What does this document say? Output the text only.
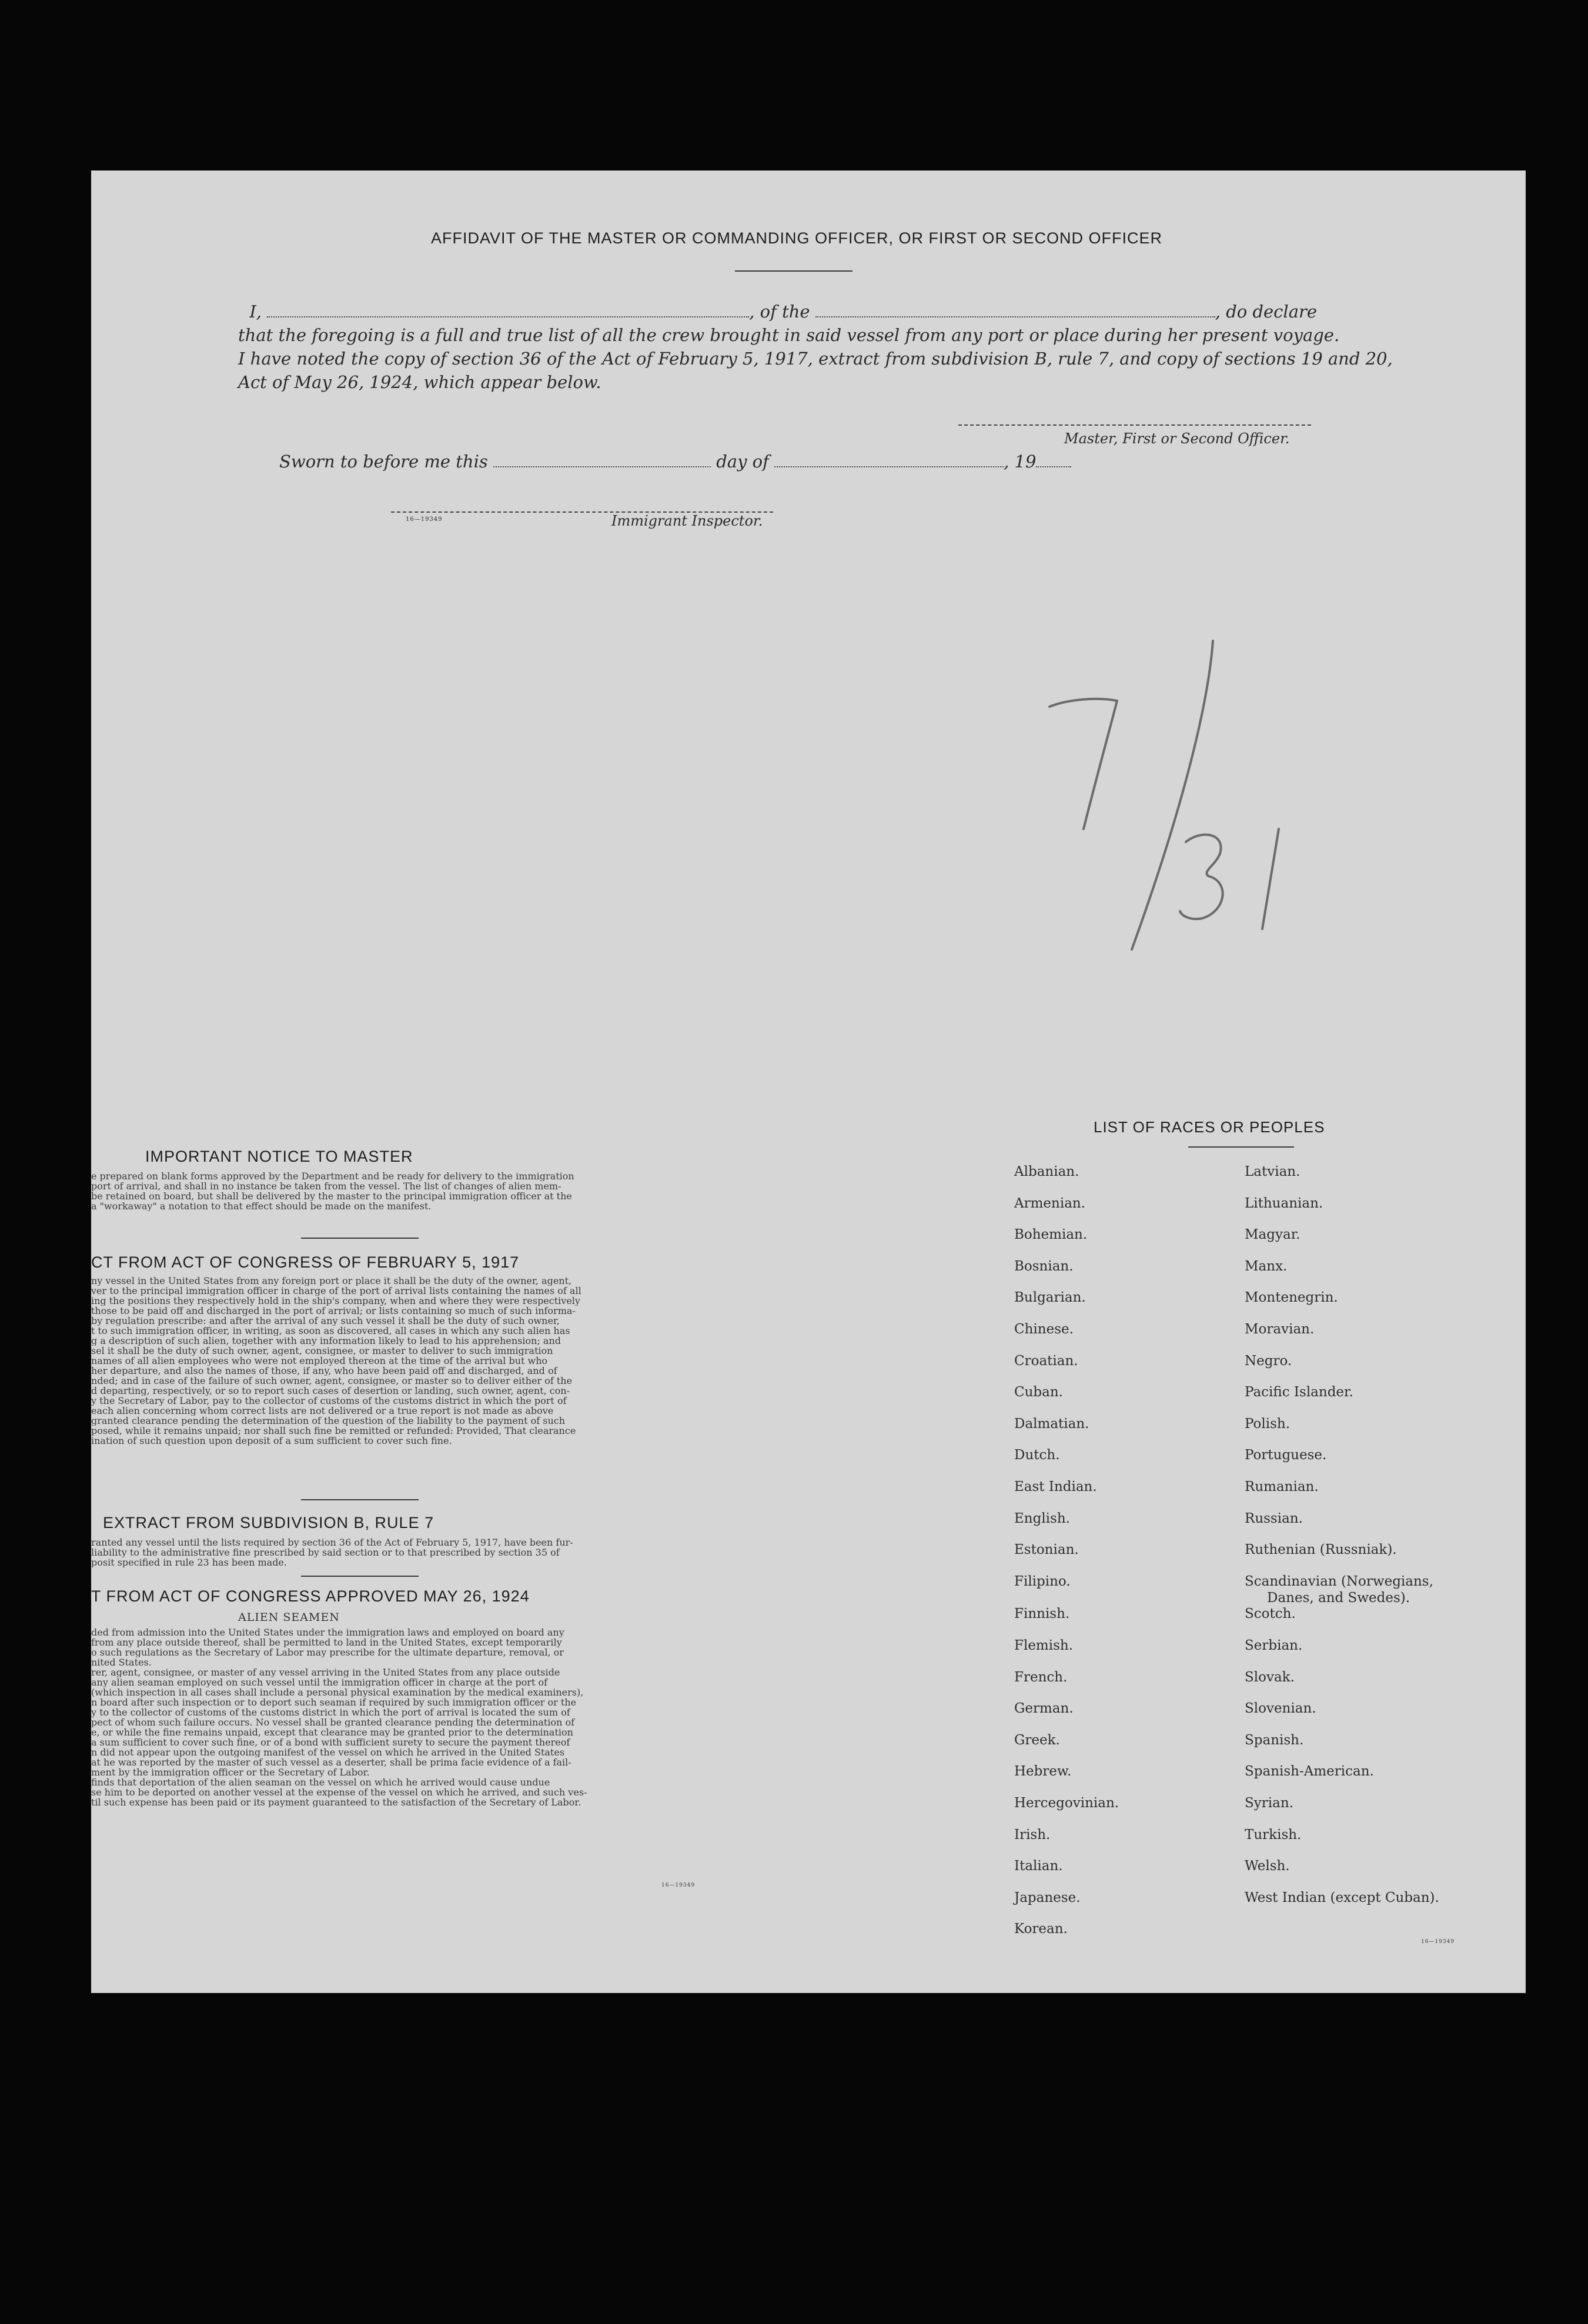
AFFIDAVIT OF THE MASTER OR COMMANDING OFFICER, OR FIRST OR SECOND OFFICER
I,	, of the	, do declare
that the foregoing is a full and true list of all the crew brought in said vessel from any port or place during her present voyage.
I have noted the copy of section 36 of the Act of February 5, 1917, extract from subdivision B, rule 7, and copy of sections 19 and 20,
Act of May 26, 1924, which appear below.
Master, First or Second Officer.
Sworn to before me this	day of	, 19
16—19349	Immigrant Inspector.
IMPORTANT NOTICE TO MASTER
e prepared on blank forms approved by the Department and be ready for delivery to the immigration
port of arrival, and shall in no instance be taken from the vessel. The list of changes of alien mem-
be retained on board, but shall be delivered by the master to the principal immigration officer at the
a "workaway" a notation to that effect should be made on the manifest.
CT FROM ACT OF CONGRESS OF FEBRUARY 5, 1917
ny vessel in the United States from any foreign port or place it shall be the duty of the owner, agent,
ver to the principal immigration officer in charge of the port of arrival lists containing the names of all
ing the positions they respectively hold in the ship's company, when and where they were respectively
those to be paid off and discharged in the port of arrival; or lists containing so much of such informa-
by regulation prescribe: and after the arrival of any such vessel it shall be the duty of such owner,
t to such immigration officer, in writing, as soon as discovered, all cases in which any such alien has
g a description of such alien, together with any information likely to lead to his apprehension; and
sel it shall be the duty of such owner, agent, consignee, or master to deliver to such immigration
names of all alien employees who were not employed thereon at the time of the arrival but who
her departure, and also the names of those, if any, who have been paid off and discharged, and of
nded; and in case of the failure of such owner, agent, consignee, or master so to deliver either of the
d departing, respectively, or so to report such cases of desertion or landing, such owner, agent, con-
y the Secretary of Labor, pay to the collector of customs of the customs district in which the port of
each alien concerning whom correct lists are not delivered or a true report is not made as above
granted clearance pending the determination of the question of the liability to the payment of such
posed, while it remains unpaid; nor shall such fine be remitted or refunded: Provided, That clearance
ination of such question upon deposit of a sum sufficient to cover such fine.
EXTRACT FROM SUBDIVISION B, RULE 7
ranted any vessel until the lists required by section 36 of the Act of February 5, 1917, have been fur-
liability to the administrative fine prescribed by said section or to that prescribed by section 35 of
posit specified in rule 23 has been made.
T FROM ACT OF CONGRESS APPROVED MAY 26, 1924
ALIEN SEAMEN
ded from admission into the United States under the immigration laws and employed on board any
from any place outside thereof, shall be permitted to land in the United States, except temporarily
o such regulations as the Secretary of Labor may prescribe for the ultimate departure, removal, or
nited States.
rer, agent, consignee, or master of any vessel arriving in the United States from any place outside
any alien seaman employed on such vessel until the immigration officer in charge at the port of
(which inspection in all cases shall include a personal physical examination by the medical examiners),
n board after such inspection or to deport such seaman if required by such immigration officer or the
y to the collector of customs of the customs district in which the port of arrival is located the sum of
pect of whom such failure occurs. No vessel shall be granted clearance pending the determination of
e, or while the fine remains unpaid, except that clearance may be granted prior to the determination
a sum sufficient to cover such fine, or of a bond with sufficient surety to secure the payment thereof
n did not appear upon the outgoing manifest of the vessel on which he arrived in the United States
at he was reported by the master of such vessel as a deserter, shall be prima facie evidence of a fail-
ment by the immigration officer or the Secretary of Labor.
finds that deportation of the alien seaman on the vessel on which he arrived would cause undue
se him to be deported on another vessel at the expense of the vessel on which he arrived, and such ves-
til such expense has been paid or its payment guaranteed to the satisfaction of the Secretary of Labor.
16—19349
LIST OF RACES OR PEOPLES
Albanian.
Armenian.
Bohemian.
Bosnian.
Bulgarian.
Chinese.
Croatian.
Cuban.
Dalmatian.
Dutch.
East Indian.
English.
Estonian.
Filipino.
Finnish.
Flemish.
French.
German.
Greek.
Hebrew.
Hercegovinian.
Irish.
Italian.
Japanese.
Korean.
Latvian.
Lithuanian.
Magyar.
Manx.
Montenegrin.
Moravian.
Negro.
Pacific Islander.
Polish.
Portuguese.
Rumanian.
Russian.
Ruthenian (Russniak).
Scandinavian (Norwegians,
Danes, and Swedes).
Scotch.
Serbian.
Slovak.
Slovenian.
Spanish.
Spanish-American.
Syrian.
Turkish.
Welsh.
West Indian (except Cuban).
16—19349
